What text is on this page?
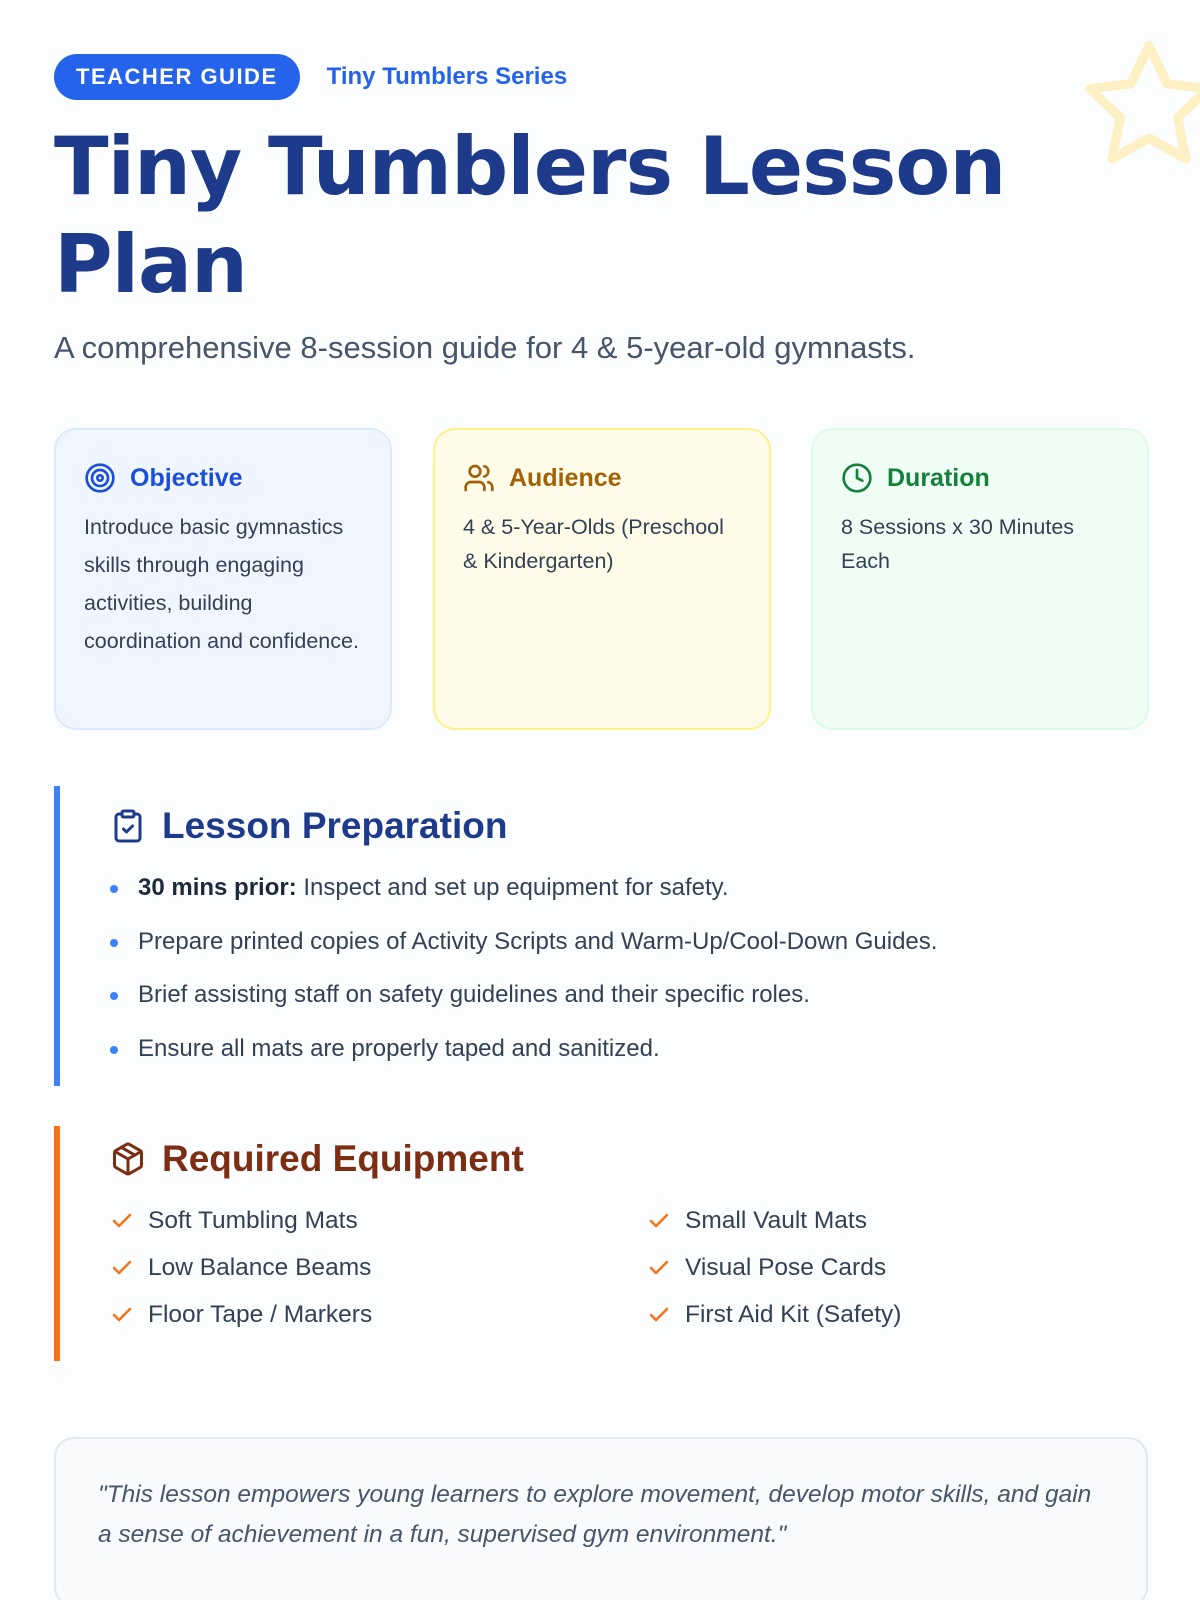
TEACHER GUIDE	Tiny Tumblers Series
Tiny Tumblers Lesson Plan

A comprehensive 8-session guide for 4 & 5-year-old gymnasts.

Objective

Introduce basic gymnastics skills through engaging activities, building coordination and confidence.

Audience

4 & 5-Year-Olds (Preschool & Kindergarten)

Duration

8 Sessions x 30 Minutes Each

Lesson Preparation
30 mins prior: Inspect and set up equipment for safety.
Prepare printed copies of Activity Scripts and Warm-Up/Cool-Down Guides.
Brief assisting staff on safety guidelines and their specific roles.
Ensure all mats are properly taped and sanitized.
Required Equipment
Soft Tumbling Mats	Small Vault Mats
Low Balance Beams	Visual Pose Cards
Floor Tape / Markers	First Aid Kit (Safety)

"This lesson empowers young learners to explore movement, develop motor skills, and gain a sense of achievement in a fun, supervised gym environment."
